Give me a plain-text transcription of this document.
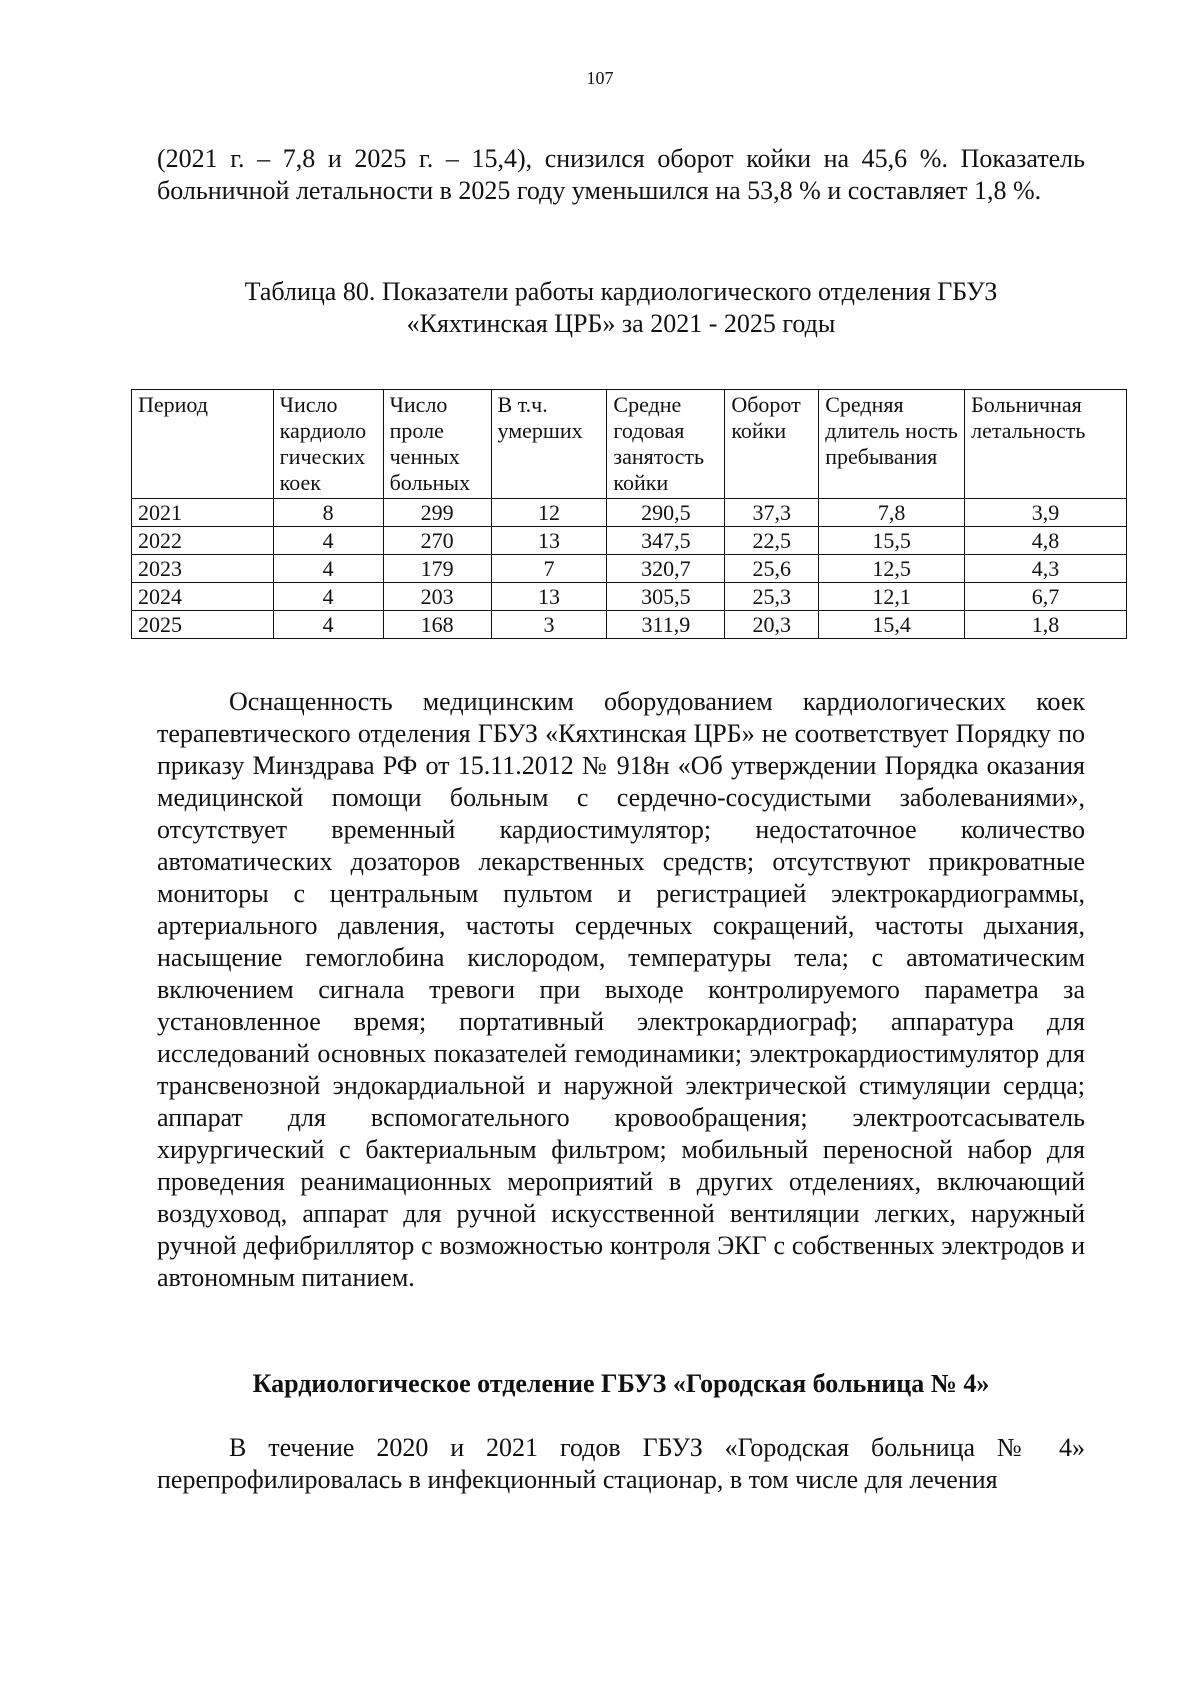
107

(2021 г. – 7,8 и 2025 г. – 15,4), снизился оборот койки на 45,6 %. Показатель больничной летальности в 2025 году уменьшился на 53,8 % и составляет 1,8 %.

Таблица 80. Показатели работы кардиологического отделения ГБУЗ
«Кяхтинская ЦРБ» за 2021 - 2025 годы
Период	Число кардиоло гических коек	Число проле ченных больных	В т.ч. умерших	Средне годовая занятость койки	Оборот койки	Средняя длитель ность пребывания	Больничная летальность
2021	8	299	12	290,5	37,3	7,8	3,9
2022	4	270	13	347,5	22,5	15,5	4,8
2023	4	179	7	320,7	25,6	12,5	4,3
2024	4	203	13	305,5	25,3	12,1	6,7
2025	4	168	3	311,9	20,3	15,4	1,8

Оснащенность медицинским оборудованием кардиологических коек терапевтического отделения ГБУЗ «Кяхтинская ЦРБ» не соответствует Порядку по приказу Минздрава РФ от 15.11.2012 № 918н «Об утверждении Порядка оказания медицинской помощи больным с сердечно-сосудистыми заболеваниями», отсутствует временный кардиостимулятор; недостаточное количество автоматических дозаторов лекарственных средств; отсутствуют прикроватные мониторы с центральным пультом и регистрацией электрокардиограммы, артериального давления, частоты сердечных сокращений, частоты дыхания, насыщение гемоглобина кислородом, температуры тела; с автоматическим включением сигнала тревоги при выходе контролируемого параметра за установленное время; портативный электрокардиограф; аппаратура для исследований основных показателей гемодинамики; электрокардиостимулятор для трансвенозной эндокардиальной и наружной электрической стимуляции сердца; аппарат для вспомогательного кровообращения; электроотсасыватель хирургический с бактериальным фильтром; мобильный переносной набор для проведения реанимационных мероприятий в других отделениях, включающий воздуховод, аппарат для ручной искусственной вентиляции легких, наружный ручной дефибриллятор с возможностью контроля ЭКГ с собственных электродов и автономным питанием.

Кардиологическое отделение ГБУЗ «Городская больница № 4»

В течение 2020 и 2021 годов ГБУЗ «Городская больница № 4» перепрофилировалась в инфекционный стационар, в том числе для лечения
